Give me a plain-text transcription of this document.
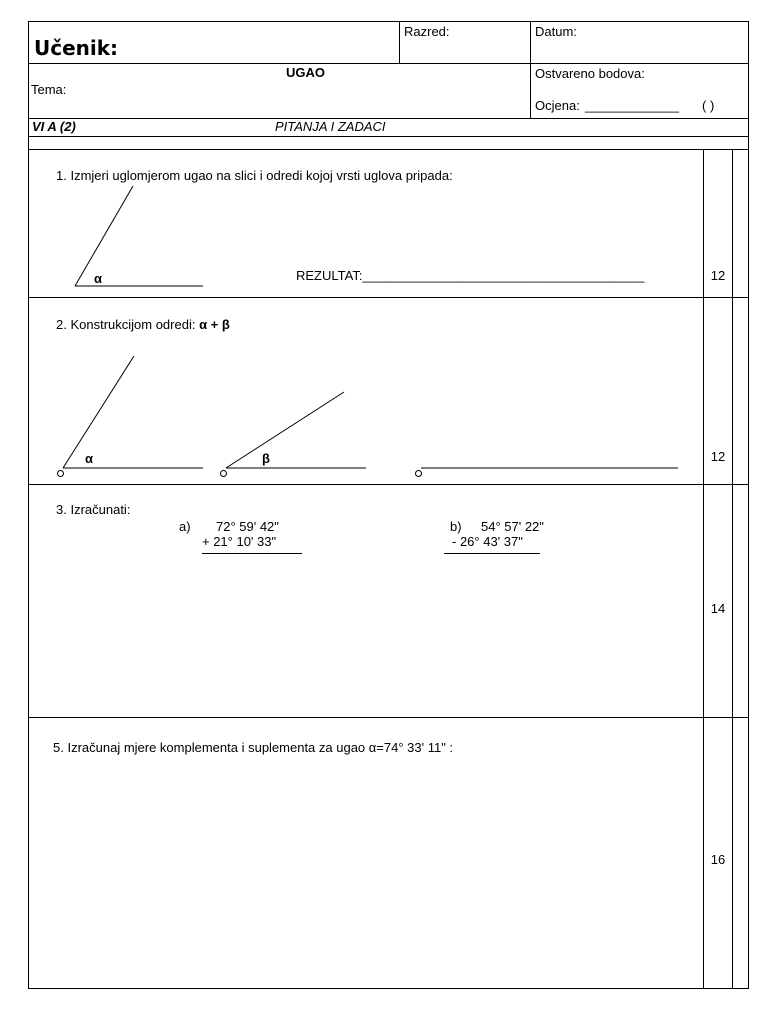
Učenik:
Razred:	Datum:
UGAO
Tema:
Ostvareno bodova:
Ocjena: _____________ ( )
VI A (2)	PITANJA I ZADACI
1. Izmjeri uglomjerom ugao na slici i odredi kojoj vrsti uglova pripada:
α	REZULTAT:_______________________________________	12
2. Konstrukcijom odredi: α + β
α	β	12
3. Izračunati:
a) 72° 59' 42"
+ 21° 10' 33"
b) 54° 57' 22"
- 26° 43' 37"
14
5. Izračunaj mjere komplementa i suplementa za ugao α=74° 33' 11" :
16
